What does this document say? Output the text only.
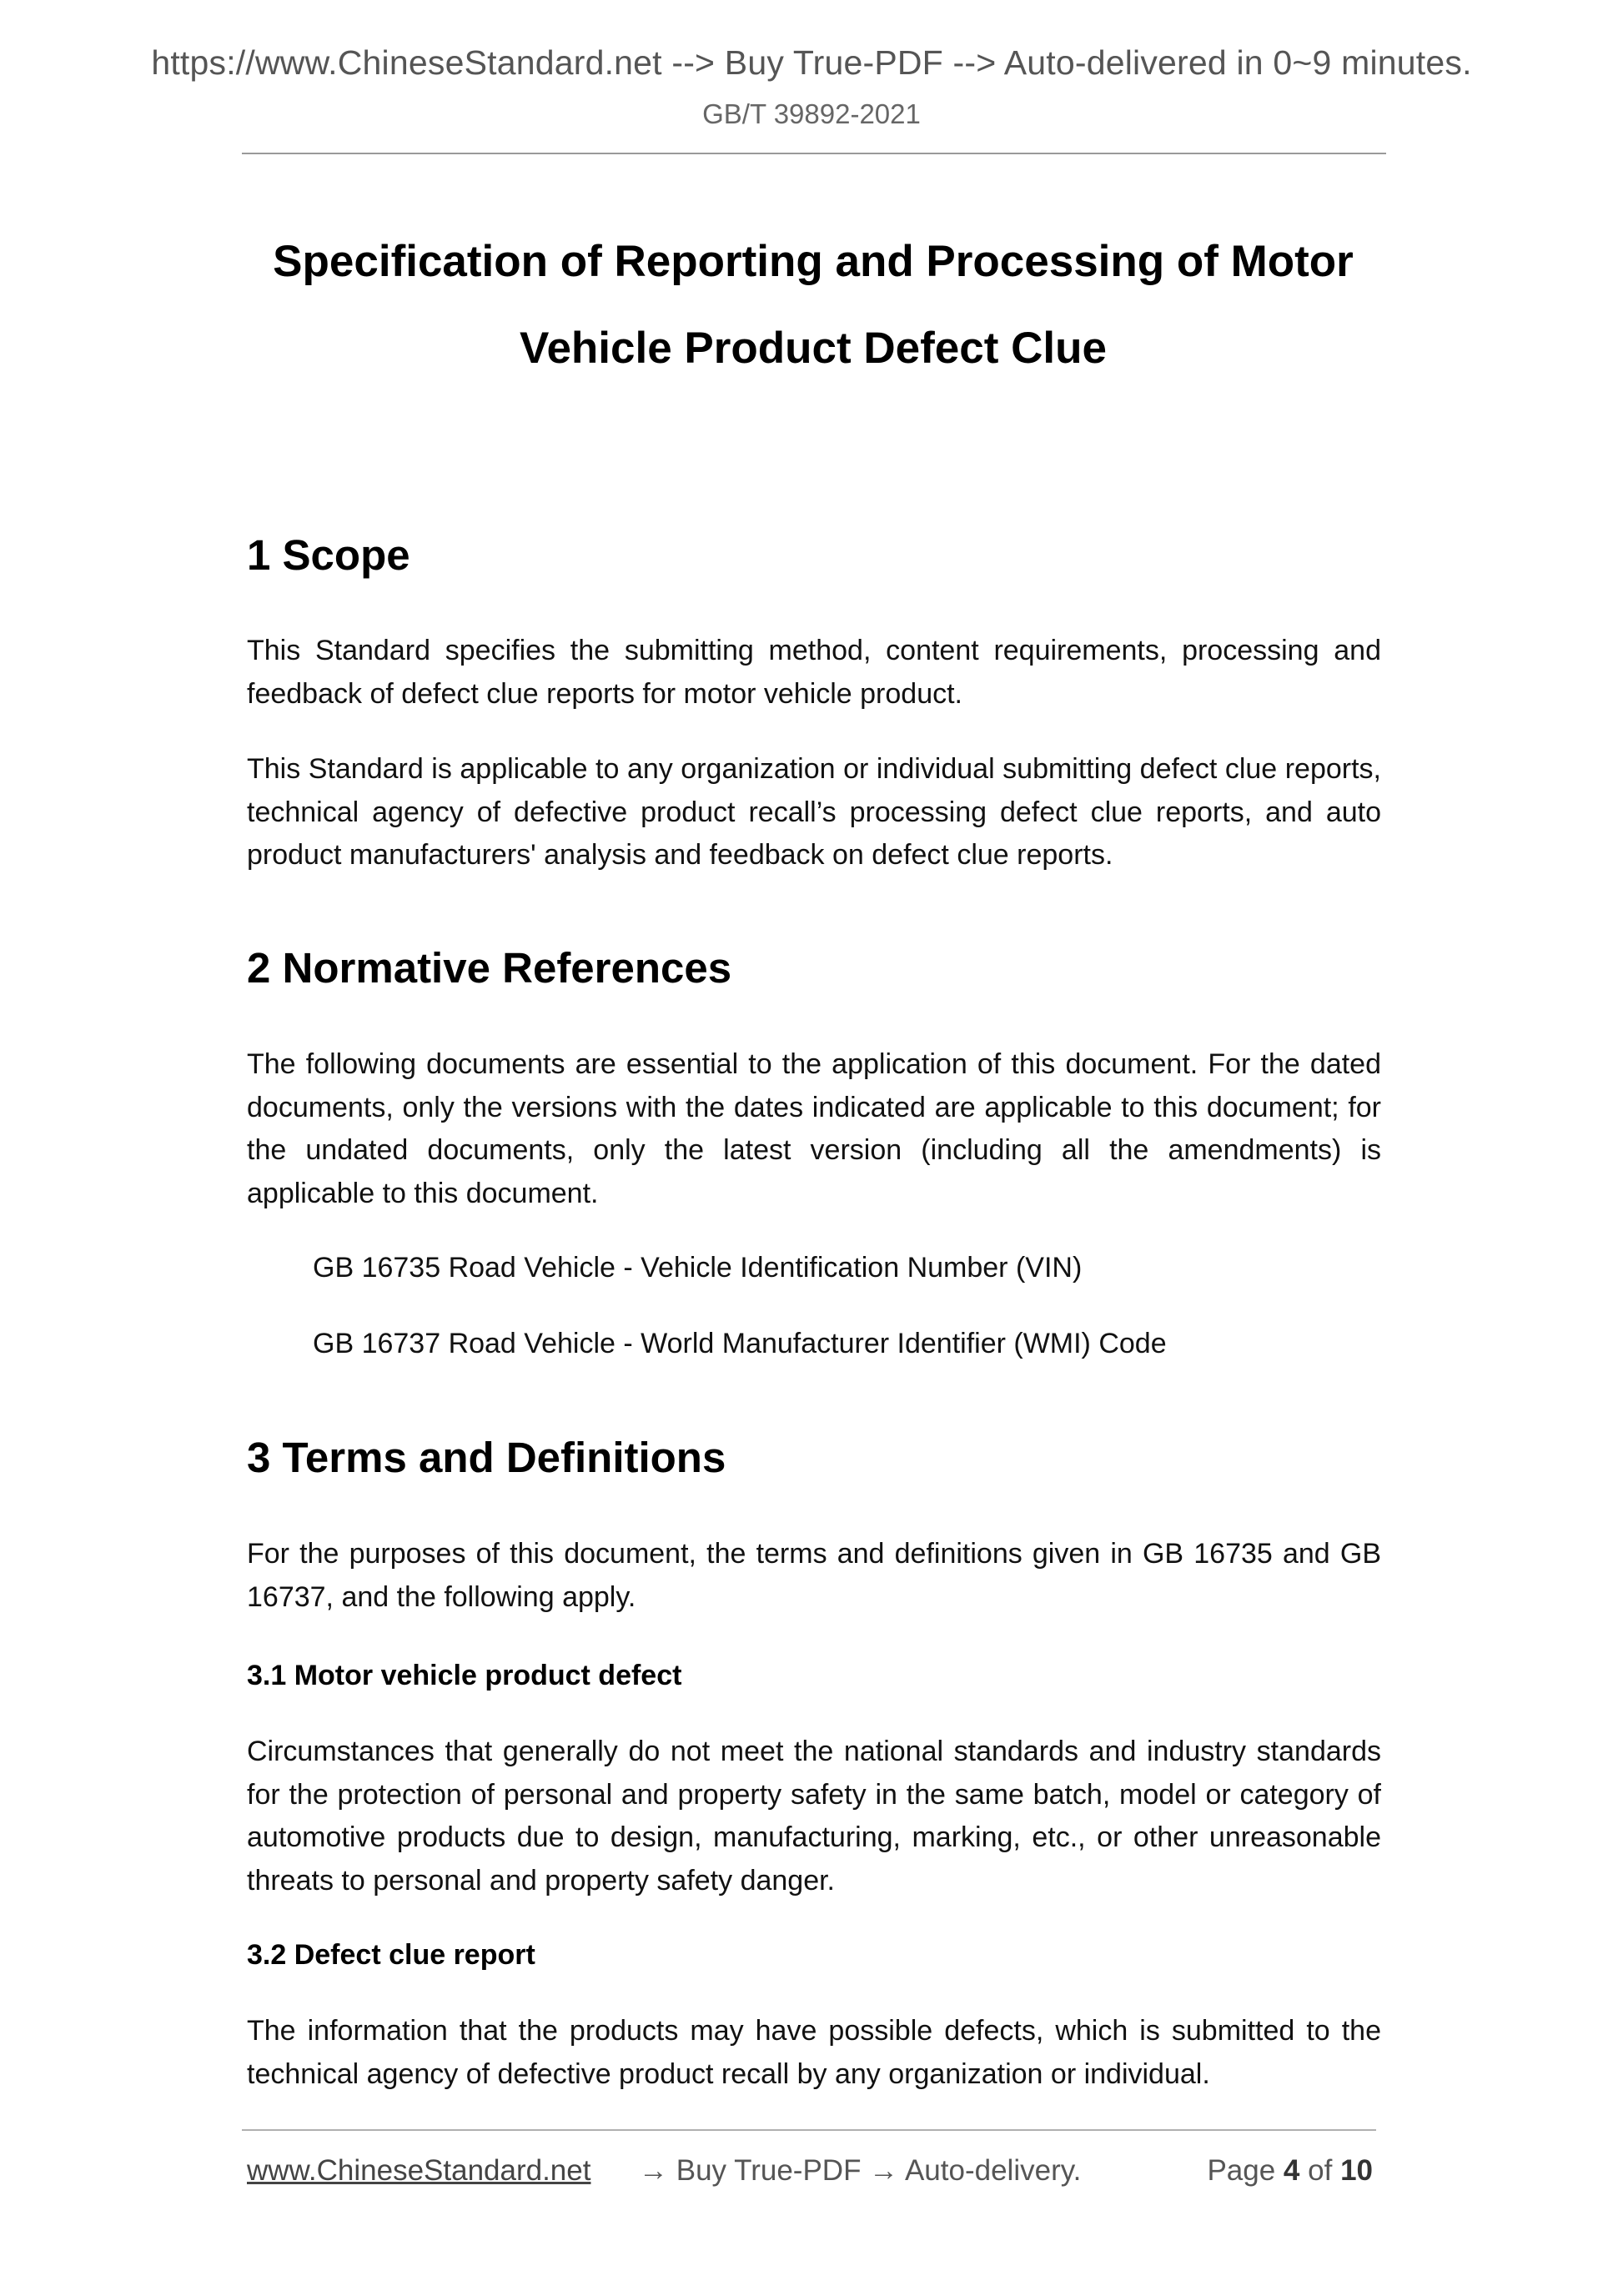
https://www.ChineseStandard.net --> Buy True-PDF --> Auto-delivered in 0~9 minutes.
GB/T 39892-2021
Specification of Reporting and Processing of Motor
Vehicle Product Defect Clue
1 Scope

This Standard specifies the submitting method, content requirements, processing and feedback of defect clue reports for motor vehicle product.

This Standard is applicable to any organization or individual submitting defect clue reports, technical agency of defective product recall’s processing defect clue reports, and auto product manufacturers' analysis and feedback on defect clue reports.

2 Normative References

The following documents are essential to the application of this document. For the dated documents, only the versions with the dates indicated are applicable to this document; for the undated documents, only the latest version (including all the amendments) is applicable to this document.

GB 16735 Road Vehicle - Vehicle Identification Number (VIN)

GB 16737 Road Vehicle - World Manufacturer Identifier (WMI) Code

3 Terms and Definitions

For the purposes of this document, the terms and definitions given in GB 16735 and GB 16737, and the following apply.

3.1 Motor vehicle product defect

Circumstances that generally do not meet the national standards and industry standards for the protection of personal and property safety in the same batch, model or category of automotive products due to design, manufacturing, marking, etc., or other unreasonable threats to personal and property safety danger.

3.2 Defect clue report

The information that the products may have possible defects, which is submitted to the technical agency of defective product recall by any organization or individual.

www.ChineseStandard.net → Buy True-PDF → Auto-delivery.	Page 4 of 10
